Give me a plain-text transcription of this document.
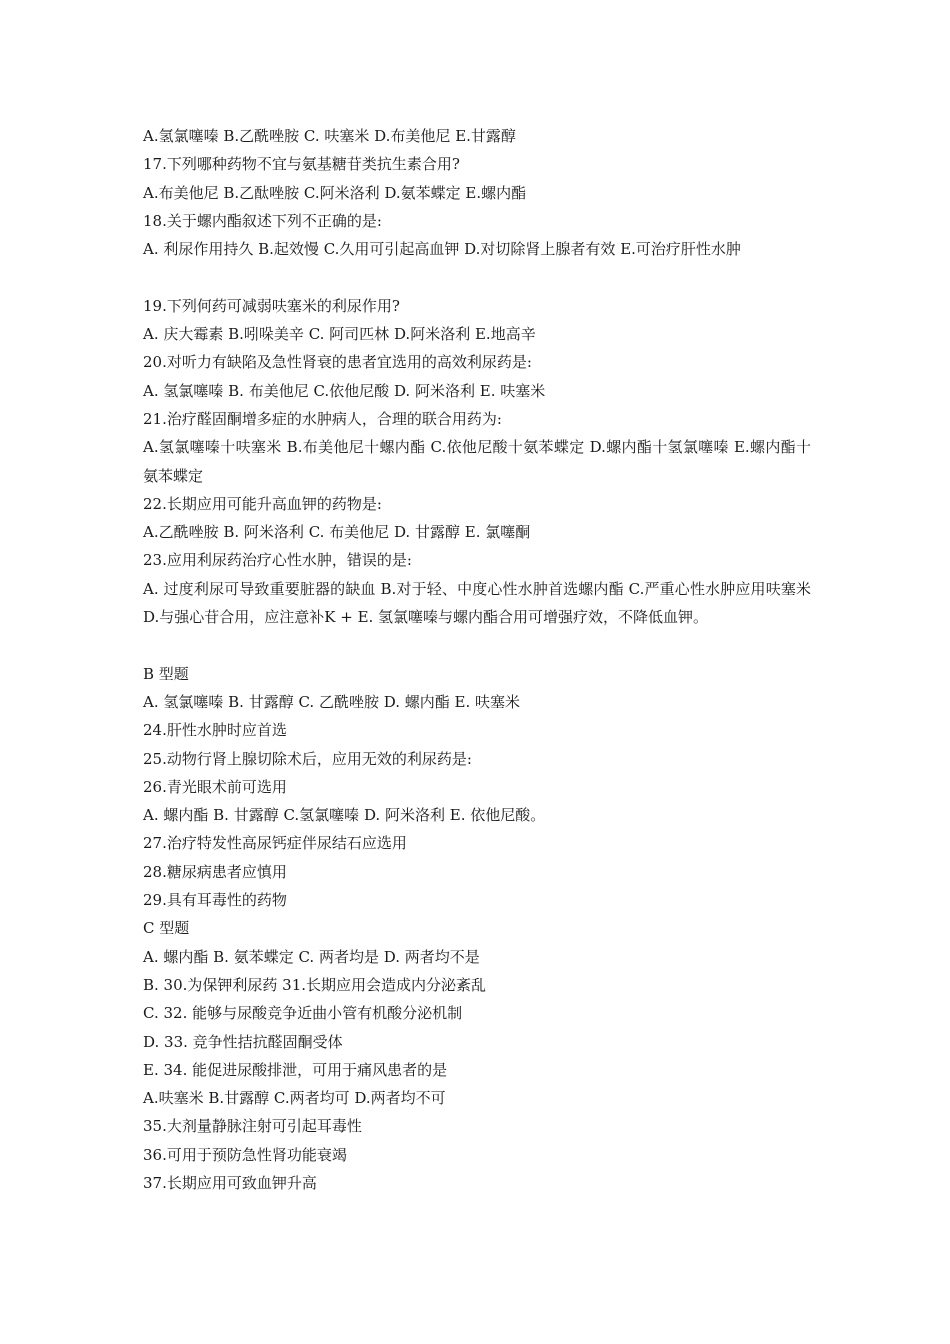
A.氢氯噻嗪 B.乙酰唑胺 C. 呋塞米 D.布美他尼 E.甘露醇
17.下列哪种药物不宜与氨基糖苷类抗生素合用?
A.布美他尼 B.乙酞唑胺 C.阿米洛利 D.氨苯蝶定 E.螺内酯
18.关于螺内酯叙述下列不正确的是:
A. 利尿作用持久 B.起效慢 C.久用可引起高血钾 D.对切除肾上腺者有效 E.可治疗肝性水肿
19.下列何药可减弱呋塞米的利尿作用?
A. 庆大霉素 B.吲哚美辛 C. 阿司匹林 D.阿米洛利 E.地高辛
20.对听力有缺陷及急性肾衰的患者宜选用的高效利尿药是:
A. 氢氯噻嗪 B. 布美他尼 C.依他尼酸 D. 阿米洛利 E. 呋塞米
21.治疗醛固酮增多症的水肿病人，合理的联合用药为:
A.氢氯噻嗪十呋塞米 B.布美他尼十螺内酯 C.依他尼酸十氨苯蝶定 D.螺内酯十氢氯噻嗪 E.螺内酯十氨苯蝶定
22.长期应用可能升高血钾的药物是:
A.乙酰唑胺 B. 阿米洛利 C. 布美他尼 D. 甘露醇 E. 氯噻酮
23.应用利尿药治疗心性水肿，错误的是:
A. 过度利尿可导致重要脏器的缺血 B.对于轻、中度心性水肿首选螺内酯 C.严重心性水肿应用呋塞米 D.与强心苷合用，应注意补K + E. 氢氯噻嗪与螺内酯合用可增强疗效，不降低血钾。
B 型题
A. 氢氯噻嗪 B. 甘露醇 C. 乙酰唑胺 D. 螺内酯 E. 呋塞米
24.肝性水肿时应首选
25.动物行肾上腺切除术后，应用无效的利尿药是:
26.青光眼术前可选用
A. 螺内酯 B. 甘露醇 C.氢氯噻嗪 D. 阿米洛利 E. 依他尼酸。
27.治疗特发性高尿钙症伴尿结石应选用
28.糖尿病患者应慎用
29.具有耳毒性的药物
C 型题
A. 螺内酯 B. 氨苯蝶定 C. 两者均是 D. 两者均不是
B. 30.为保钾利尿药 31.长期应用会造成内分泌紊乱
C. 32. 能够与尿酸竞争近曲小管有机酸分泌机制
D. 33. 竞争性拮抗醛固酮受体
E. 34. 能促进尿酸排泄，可用于痛风患者的是
A.呋塞米 B.甘露醇 C.两者均可 D.两者均不可
35.大剂量静脉注射可引起耳毒性
36.可用于预防急性肾功能衰竭
37.长期应用可致血钾升高
